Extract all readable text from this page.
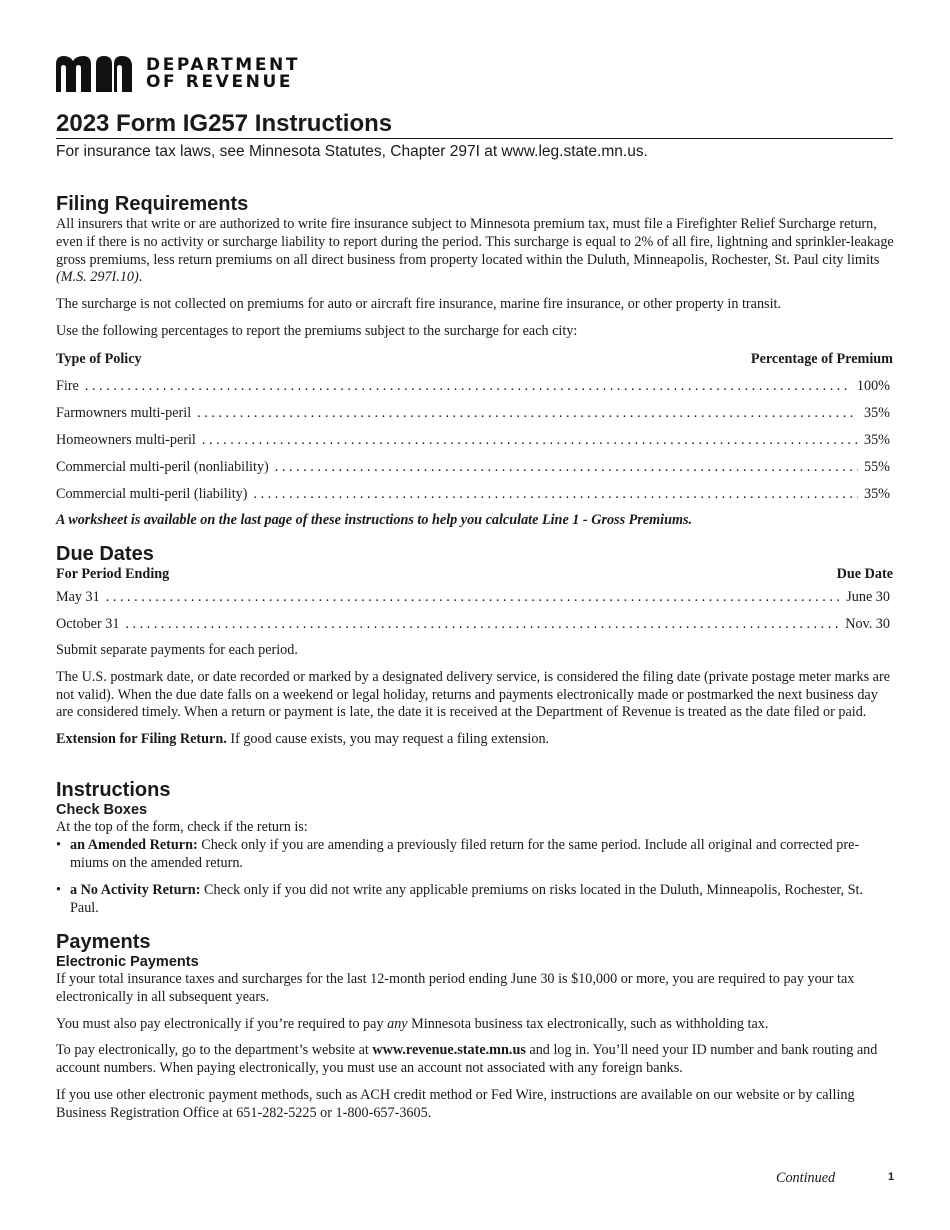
DEPARTMENT
OF REVENUE
2023 Form IG257 Instructions
For insurance tax laws, see Minnesota Statutes, Chapter 297I at www.leg.state.mn.us.
Filing Requirements

All insurers that write or are authorized to write fire insurance subject to Minnesota premium tax, must file a Firefighter Relief Surcharge return, even if there is no activity or surcharge liability to report during the period. This surcharge is equal to 2% of all fire, lightning and sprinkler-leakage gross premiums, less return premiums on all direct business from property located within the Duluth, Minneapolis, Rochester, St. Paul city limits (M.S. 297I.10).

The surcharge is not collected on premiums for auto or aircraft fire insurance, marine fire insurance, or other property in transit.

Use the following percentages to report the premiums subject to the surcharge for each city:

Type of Policy	Percentage of Premium
Fire . . .	100%
Farmowners multi-peril . . .	35%
Homeowners multi-peril . . .	35%
Commercial multi-peril (nonliability) . . .	55%
Commercial multi-peril (liability) . . .	35%

A worksheet is available on the last page of these instructions to help you calculate Line 1 - Gross Premiums.

Due Dates
For Period Ending	Due Date
May 31 . . .	June 30
October 31 . . .	Nov. 30

Submit separate payments for each period.

The U.S. postmark date, or date recorded or marked by a designated delivery service, is considered the filing date (private postage meter marks are not valid). When the due date falls on a weekend or legal holiday, returns and payments electronically made or postmarked the next business day are considered timely. When a return or payment is late, the date it is received at the Department of Revenue is treated as the date filed or paid.

Extension for Filing Return. If good cause exists, you may request a filing extension.

Instructions
Check Boxes

At the top of the form, check if the return is:

• an Amended Return: Check only if you are amending a previously filed return for the same period. Include all original and corrected premiums on the amended return.
• a No Activity Return: Check only if you did not write any applicable premiums on risks located in the Duluth, Minneapolis, Rochester, St. Paul.
Payments
Electronic Payments

If your total insurance taxes and surcharges for the last 12-month period ending June 30 is $10,000 or more, you are required to pay your tax electronically in all subsequent years.

You must also pay electronically if you’re required to pay any Minnesota business tax electronically, such as withholding tax.

To pay electronically, go to the department’s website at www.revenue.state.mn.us and log in. You’ll need your ID number and bank routing and account numbers. When paying electronically, you must use an account not associated with any foreign banks.

If you use other electronic payment methods, such as ACH credit method or Fed Wire, instructions are available on our website or by calling Business Registration Office at 651-282-5225 or 1-800-657-3605.

Continued	1
